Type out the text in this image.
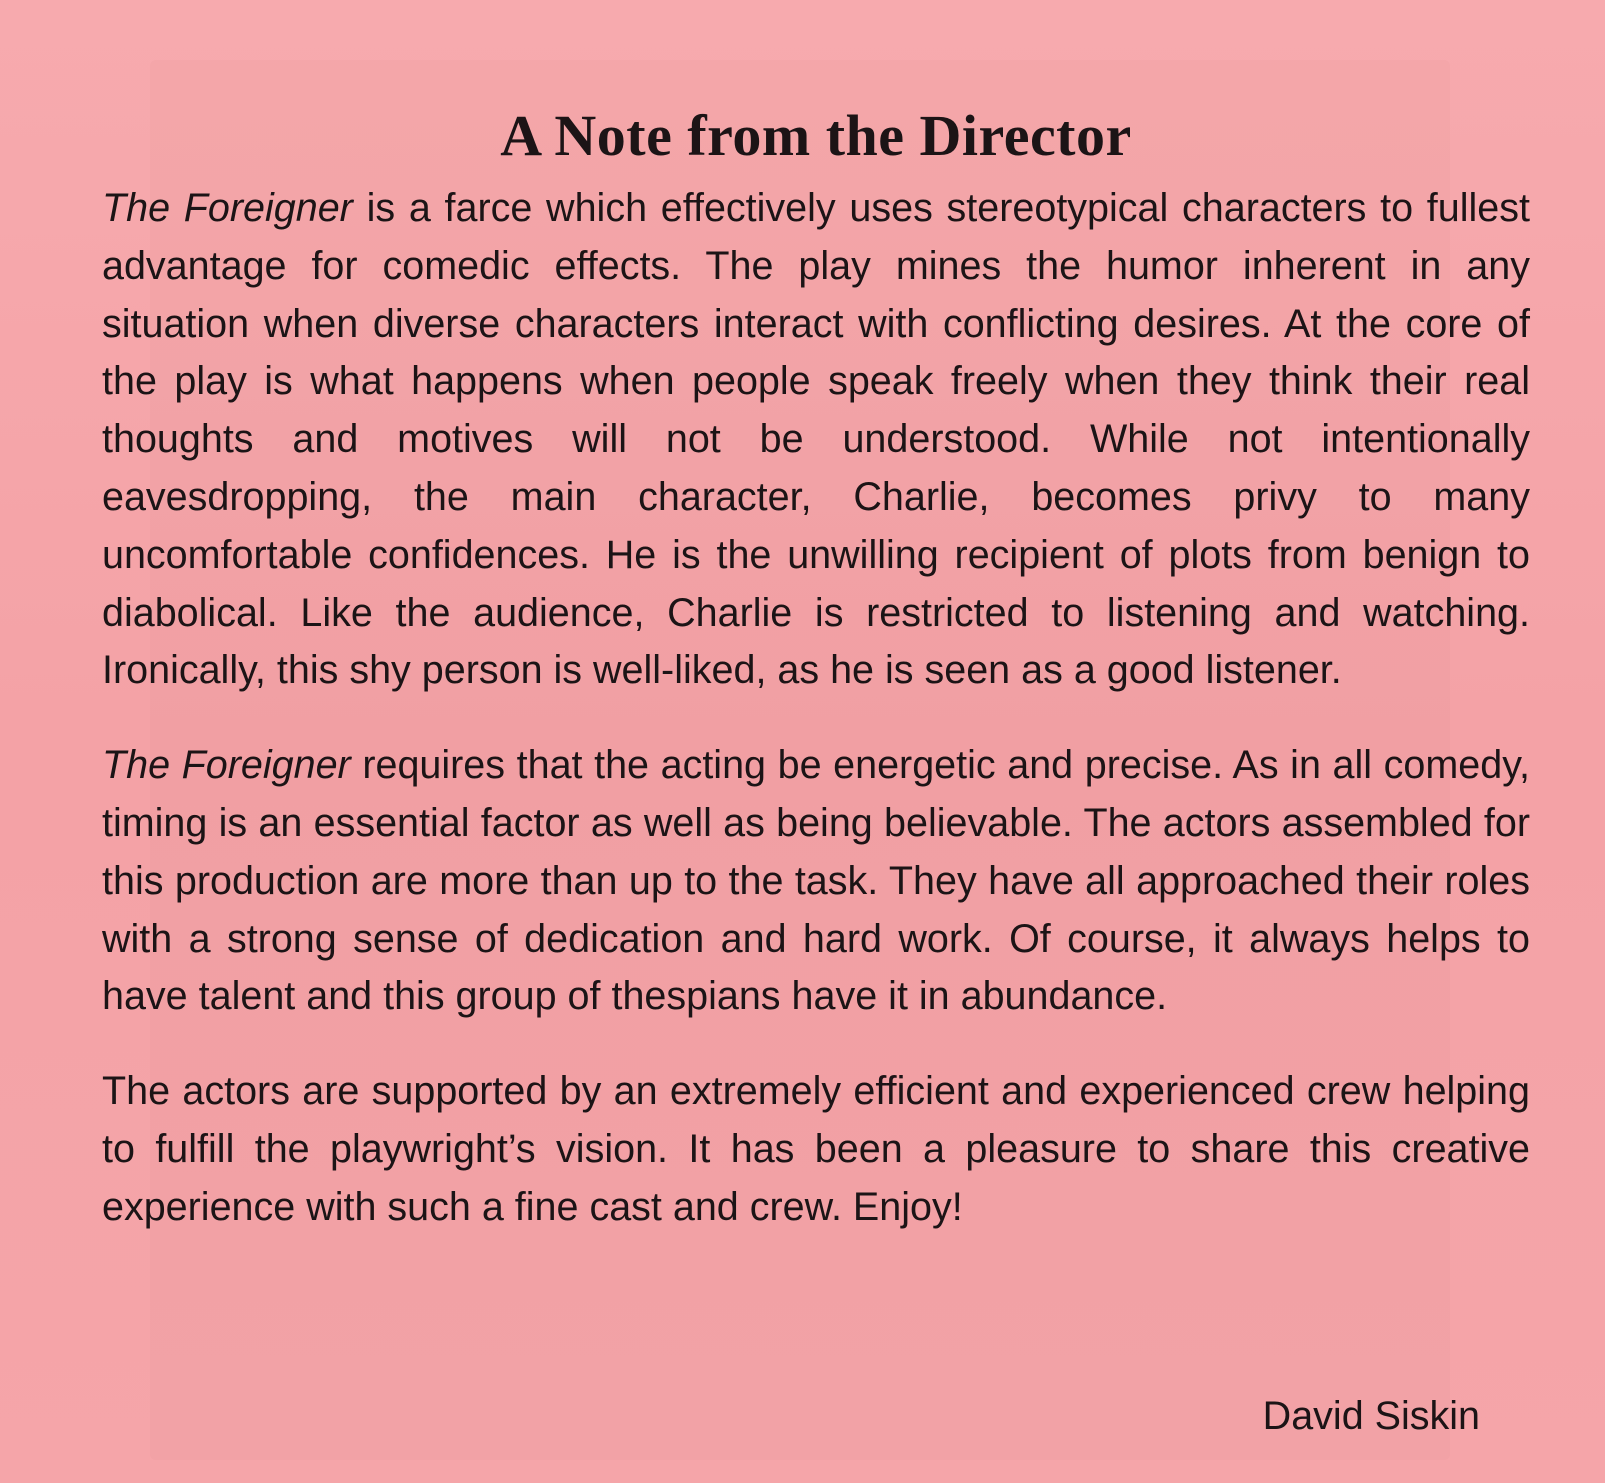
A Note from the Director

The Foreigner is a farce which effectively uses stereotypical characters to fullest advantage for comedic effects. The play mines the humor inherent in any situation when diverse characters interact with conflicting desires. At the core of the play is what happens when people speak freely when they think their real thoughts and motives will not be understood. While not intentionally eavesdropping, the main character, Charlie, becomes privy to many uncomfortable confidences. He is the unwilling recipient of plots from benign to diabolical. Like the audience, Charlie is restricted to listening and watching. Ironically, this shy person is well-liked, as he is seen as a good listener.

The Foreigner requires that the acting be energetic and precise. As in all comedy, timing is an essential factor as well as being believable. The actors assembled for this production are more than up to the task. They have all approached their roles with a strong sense of dedication and hard work. Of course, it always helps to have talent and this group of thespians have it in abundance.

The actors are supported by an extremely efficient and experienced crew helping to fulfill the playwright’s vision. It has been a pleasure to share this creative experience with such a fine cast and crew. Enjoy!

David Siskin
